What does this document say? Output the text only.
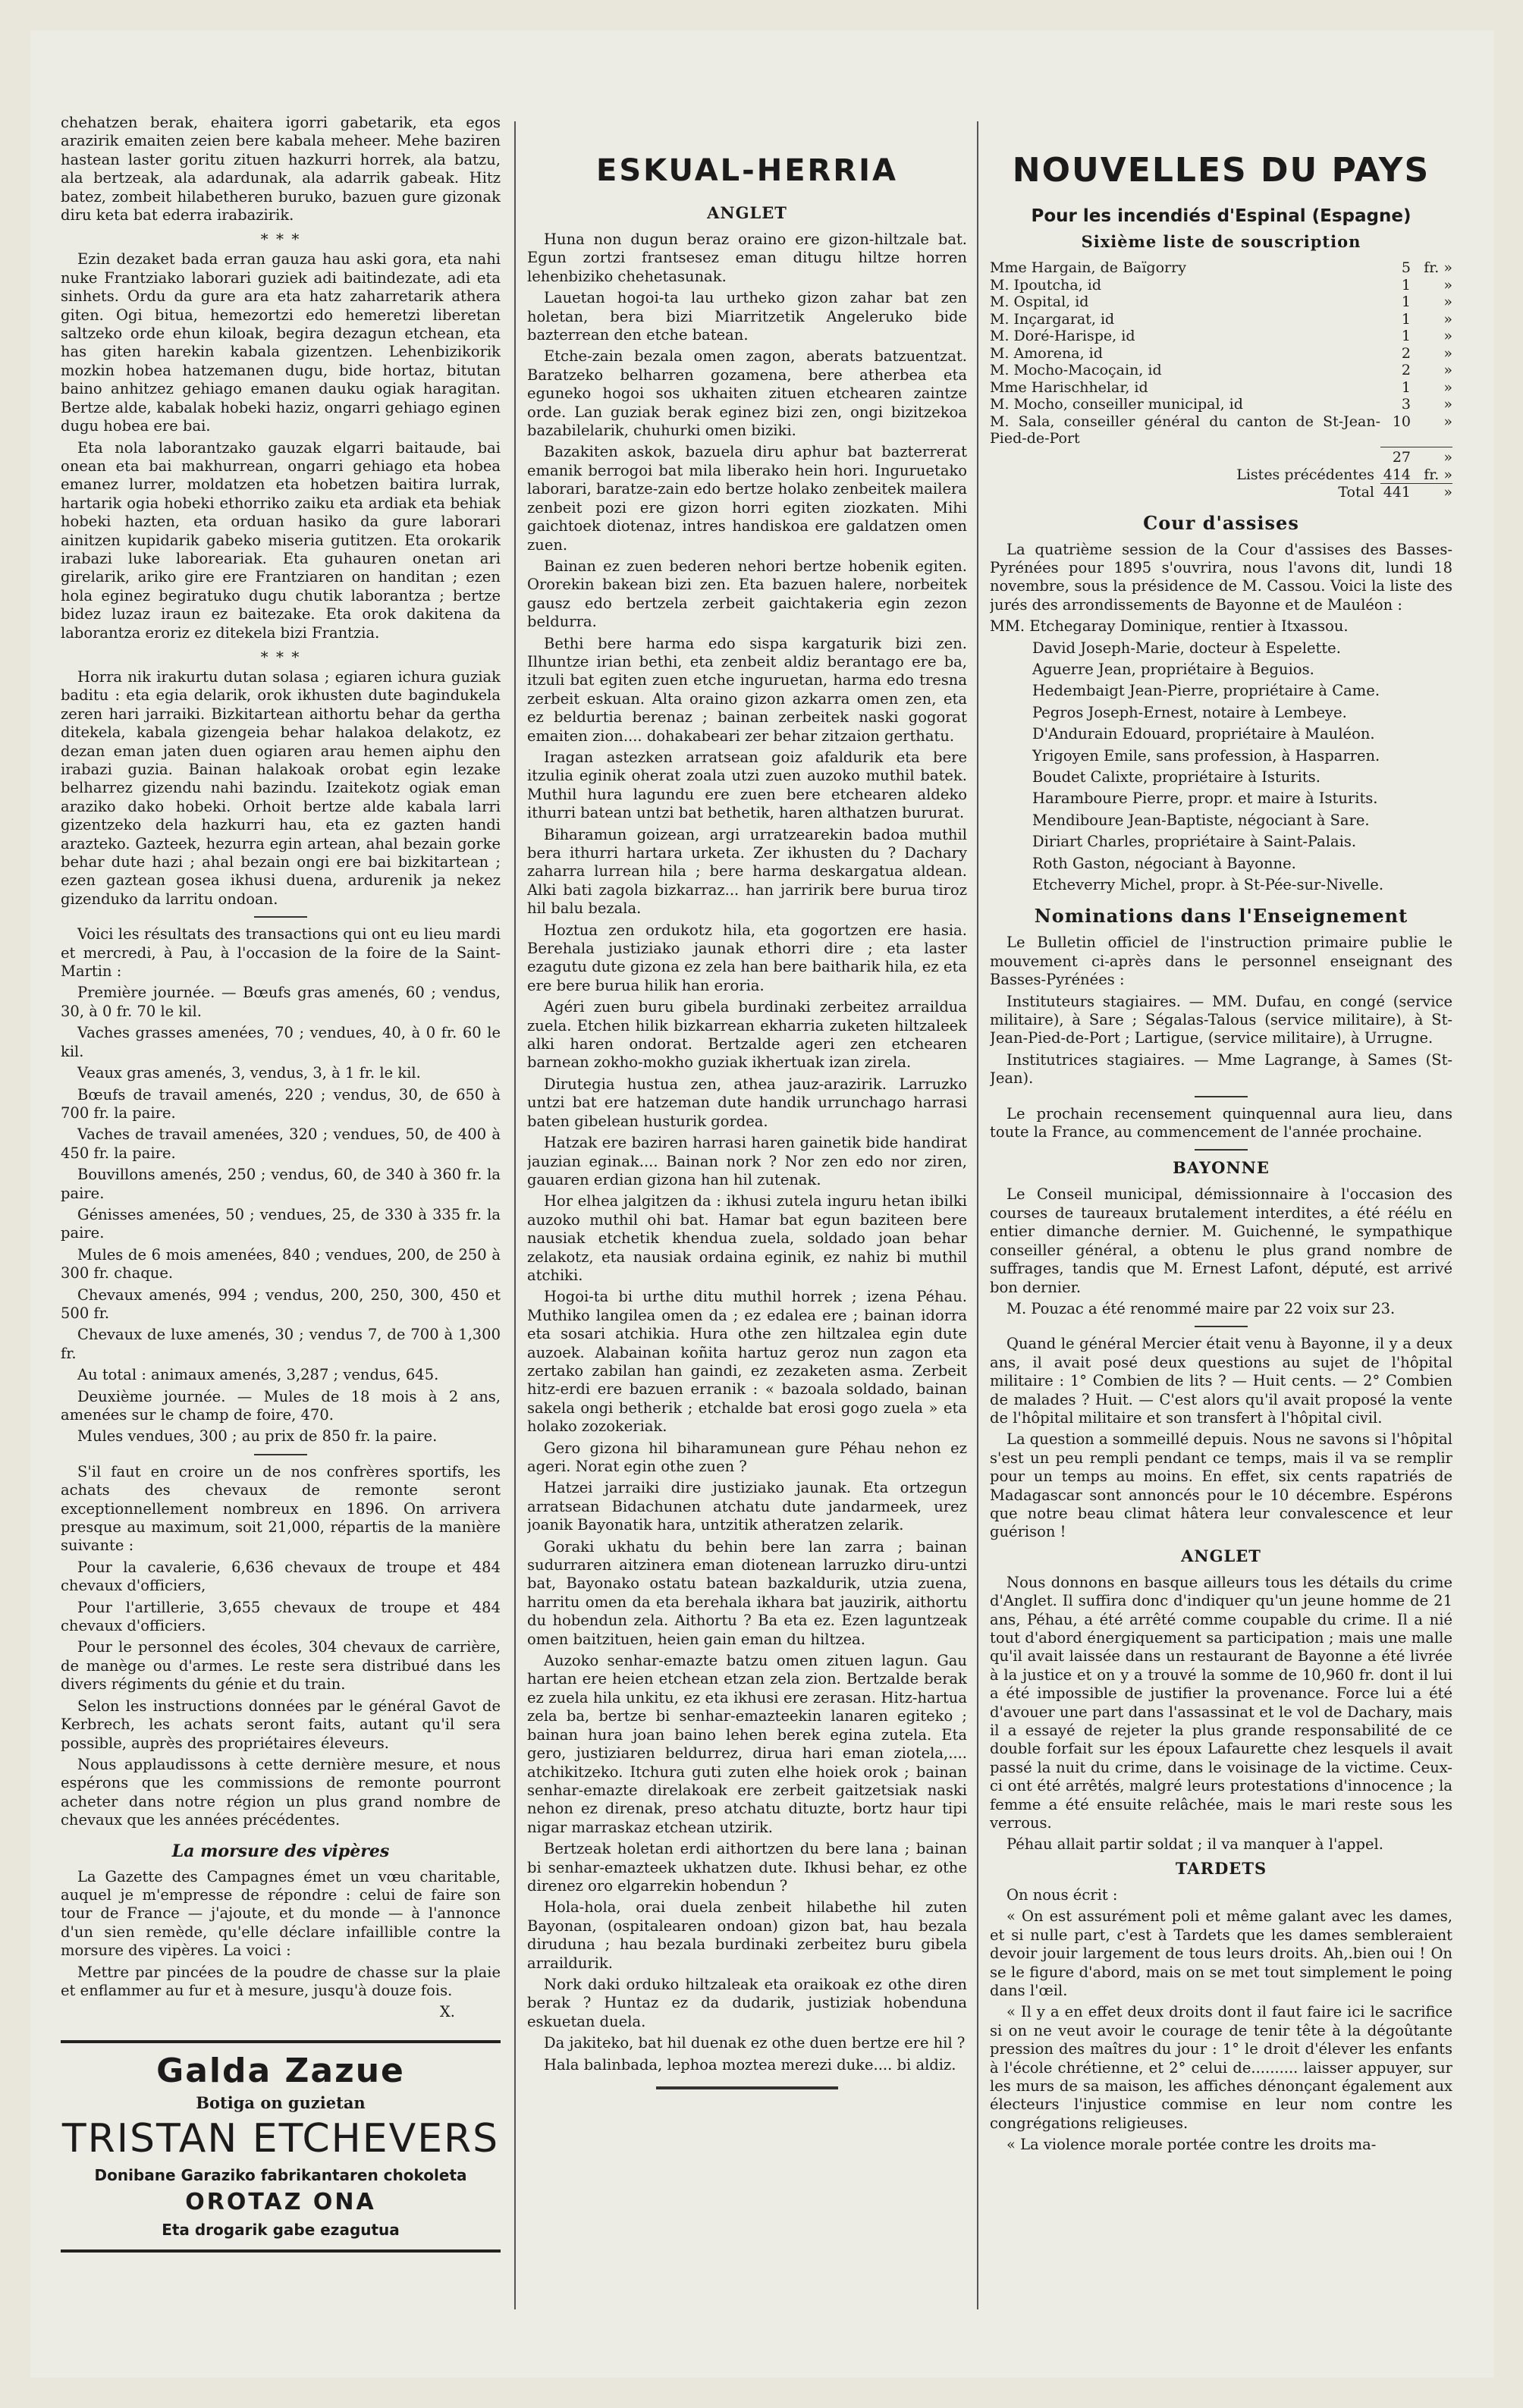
chehatzen berak, ehaitera igorri gabetarik, eta egos arazirik emaiten zeien bere kabala meheer. Mehe baziren hastean laster goritu zituen hazkurri horrek, ala batzu, ala bertzeak, ala adardunak, ala adarrik gabeak. Hitz batez, zombeit hilabetheren buruko, bazuen gure gizonak diru keta bat ederra irabazirik.

* * *

Ezin dezaket bada erran gauza hau aski gora, eta nahi nuke Frantziako laborari guziek adi baitindezate, adi eta sinhets. Ordu da gure ara eta hatz zaharretarik athera giten. Ogi bitua, hemezortzi edo hemeretzi liberetan saltzeko orde ehun kiloak, begira dezagun etchean, eta has giten harekin kabala gizentzen. Lehenbizikorik mozkin hobea hatzemanen dugu, bide hortaz, bitutan baino anhitzez gehiago emanen dauku ogiak haragitan. Bertze alde, kabalak hobeki haziz, ongarri gehiago eginen dugu hobea ere bai.

Eta nola laborantzako gauzak elgarri baitaude, bai onean eta bai makhurrean, ongarri gehiago eta hobea emanez lurrer, moldatzen eta hobetzen baitira lurrak, hartarik ogia hobeki ethorriko zaiku eta ardiak eta behiak hobeki hazten, eta orduan hasiko da gure laborari ainitzen kupidarik gabeko miseria gutitzen. Eta orokarik irabazi luke laboreariak. Eta guhauren onetan ari girelarik, ariko gire ere Frantziaren on handitan ; ezen hola eginez begiratuko dugu chutik laborantza ; bertze bidez luzaz iraun ez baitezake. Eta orok dakitena da laborantza eroriz ez ditekela bizi Frantzia.

* * *

Horra nik irakurtu dutan solasa ; egiaren ichura guziak baditu : eta egia delarik, orok ikhusten dute bagindukela zeren hari jarraiki. Bizkitartean aithortu behar da gertha ditekela, kabala gizengeia behar halakoa delakotz, ez dezan eman jaten duen ogiaren arau hemen aiphu den irabazi guzia. Bainan halakoak orobat egin lezake belharrez gizendu nahi bazindu. Izaitekotz ogiak eman araziko dako hobeki. Orhoit bertze alde kabala larri gizentzeko dela hazkurri hau, eta ez gazten handi arazteko. Gazteek, hezurra egin artean, ahal bezain gorke behar dute hazi ; ahal bezain ongi ere bai bizkitartean ; ezen gaztean gosea ikhusi duena, ardurenik ja nekez gizenduko da larritu ondoan.

Voici les résultats des transactions qui ont eu lieu mardi et mercredi, à Pau, à l'occasion de la foire de la Saint-Martin :

Première journée. — Bœufs gras amenés, 60 ; vendus, 30, à 0 fr. 70 le kil.

Vaches grasses amenées, 70 ; vendues, 40, à 0 fr. 60 le kil.

Veaux gras amenés, 3, vendus, 3, à 1 fr. le kil.

Bœufs de travail amenés, 220 ; vendus, 30, de 650 à 700 fr. la paire.

Vaches de travail amenées, 320 ; vendues, 50, de 400 à 450 fr. la paire.

Bouvillons amenés, 250 ; vendus, 60, de 340 à 360 fr. la paire.

Génisses amenées, 50 ; vendues, 25, de 330 à 335 fr. la paire.

Mules de 6 mois amenées, 840 ; vendues, 200, de 250 à 300 fr. chaque.

Chevaux amenés, 994 ; vendus, 200, 250, 300, 450 et 500 fr.

Chevaux de luxe amenés, 30 ; vendus 7, de 700 à 1,300 fr.

Au total : animaux amenés, 3,287 ; vendus, 645.

Deuxième journée. — Mules de 18 mois à 2 ans, amenées sur le champ de foire, 470.

Mules vendues, 300 ; au prix de 850 fr. la paire.

S'il faut en croire un de nos confrères sportifs, les achats des chevaux de remonte seront exceptionnellement nombreux en 1896. On arrivera presque au maximum, soit 21,000, répartis de la manière suivante :

Pour la cavalerie, 6,636 chevaux de troupe et 484 chevaux d'officiers,

Pour l'artillerie, 3,655 chevaux de troupe et 484 chevaux d'officiers.

Pour le personnel des écoles, 304 chevaux de carrière, de manège ou d'armes. Le reste sera distribué dans les divers régiments du génie et du train.

Selon les instructions données par le général Gavot de Kerbrech, les achats seront faits, autant qu'il sera possible, auprès des propriétaires éleveurs.

Nous applaudissons à cette dernière mesure, et nous espérons que les commissions de remonte pourront acheter dans notre région un plus grand nombre de chevaux que les années précédentes.

La morsure des vipères

La Gazette des Campagnes émet un vœu charitable, auquel je m'empresse de répondre : celui de faire son tour de France — j'ajoute, et du monde — à l'annonce d'un sien remède, qu'elle déclare infaillible contre la morsure des vipères. La voici :

Mettre par pincées de la poudre de chasse sur la plaie et enflammer au fur et à mesure, jusqu'à douze fois.

X.
Galda Zazue
Botiga on guzietan
TRISTAN ETCHEVERS
Donibane Garaziko fabrikantaren chokoleta
OROTAZ ONA
Eta drogarik gabe ezagutua
ESKUAL-HERRIA
ANGLET

Huna non dugun beraz oraino ere gizon-hiltzale bat. Egun zortzi frantsesez eman ditugu hiltze horren lehenbiziko chehetasunak.

Lauetan hogoi-ta lau urtheko gizon zahar bat zen holetan, bera bizi Miarritzetik Angeleruko bide bazterrean den etche batean.

Etche-zain bezala omen zagon, aberats batzuentzat. Baratzeko belharren gozamena, bere atherbea eta eguneko hogoi sos ukhaiten zituen etchearen zaintze orde. Lan guziak berak eginez bizi zen, ongi bizitzekoa bazabilelarik, chuhurki omen biziki.

Bazakiten askok, bazuela diru aphur bat bazterrerat emanik berrogoi bat mila liberako hein hori. Inguruetako laborari, baratze-zain edo bertze holako zenbeitek mailera zenbeit pozi ere gizon horri egiten ziozkaten. Mihi gaichtoek diotenaz, intres handiskoa ere galdatzen omen zuen.

Bainan ez zuen bederen nehori bertze hobenik egiten. Ororekin bakean bizi zen. Eta bazuen halere, norbeitek gausz edo bertzela zerbeit gaichtakeria egin zezon beldurra.

Bethi bere harma edo sispa kargaturik bizi zen. Ilhuntze irian bethi, eta zenbeit aldiz berantago ere ba, itzuli bat egiten zuen etche inguruetan, harma edo tresna zerbeit eskuan. Alta oraino gizon azkarra omen zen, eta ez beldurtia berenaz ; bainan zerbeitek naski gogorat emaiten zion.... dohakabeari zer behar zitzaion gerthatu.

Iragan astezken arratsean goiz afaldurik eta bere itzulia eginik oherat zoala utzi zuen auzoko muthil batek. Muthil hura lagundu ere zuen bere etchearen aldeko ithurri batean untzi bat bethetik, haren althatzen bururat.

Biharamun goizean, argi urratzearekin badoa muthil bera ithurri hartara urketa. Zer ikhusten du ? Dachary zaharra lurrean hila ; bere harma deskargatua aldean. Alki bati zagola bizkarraz... han jarririk bere burua tiroz hil balu bezala.

Hoztua zen ordukotz hila, eta gogortzen ere hasia. Berehala justiziako jaunak ethorri dire ; eta laster ezagutu dute gizona ez zela han bere baitharik hila, ez eta ere bere burua hilik han eroria.

Agéri zuen buru gibela burdinaki zerbeitez arraildua zuela. Etchen hilik bizkarrean ekharria zuketen hiltzaleek alki haren ondorat. Bertzalde ageri zen etchearen barnean zokho-mokho guziak ikhertuak izan zirela.

Dirutegia hustua zen, athea jauz-arazirik. Larruzko untzi bat ere hatzeman dute handik urrunchago harrasi baten gibelean husturik gordea.

Hatzak ere baziren harrasi haren gainetik bide handirat jauzian eginak.... Bainan nork ? Nor zen edo nor ziren, gauaren erdian gizona han hil zutenak.

Hor elhea jalgitzen da : ikhusi zutela inguru hetan ibilki auzoko muthil ohi bat. Hamar bat egun baziteen bere nausiak etchetik khendua zuela, soldado joan behar zelakotz, eta nausiak ordaina eginik, ez nahiz bi muthil atchiki.

Hogoi-ta bi urthe ditu muthil horrek ; izena Péhau. Muthiko langilea omen da ; ez edalea ere ; bainan idorra eta sosari atchikia. Hura othe zen hiltzalea egin dute auzoek. Alabainan koñita hartuz geroz nun zagon eta zertako zabilan han gaindi, ez zezaketen asma. Zerbeit hitz-erdi ere bazuen erranik : « bazoala soldado, bainan sakela ongi betherik ; etchalde bat erosi gogo zuela » eta holako zozokeriak.

Gero gizona hil biharamunean gure Péhau nehon ez ageri. Norat egin othe zuen ?

Hatzei jarraiki dire justiziako jaunak. Eta ortzegun arratsean Bidachunen atchatu dute jandarmeek, urez joanik Bayonatik hara, untzitik atheratzen zelarik.

Goraki ukhatu du behin bere lan zarra ; bainan sudurraren aitzinera eman diotenean larruzko diru-untzi bat, Bayonako ostatu batean bazkaldurik, utzia zuena, harritu omen da eta berehala ikhara bat jauzirik, aithortu du hobendun zela. Aithortu ? Ba eta ez. Ezen laguntzeak omen baitzituen, heien gain eman du hiltzea.

Auzoko senhar-emazte batzu omen zituen lagun. Gau hartan ere heien etchean etzan zela zion. Bertzalde berak ez zuela hila unkitu, ez eta ikhusi ere zerasan. Hitz-hartua zela ba, bertze bi senhar-emazteekin lanaren egiteko ; bainan hura joan baino lehen berek egina zutela. Eta gero, justiziaren beldurrez, dirua hari eman ziotela,.... atchikitzeko. Itchura guti zuten elhe hoiek orok ; bainan senhar-emazte direlakoak ere zerbeit gaitzetsiak naski nehon ez direnak, preso atchatu dituzte, bortz haur tipi nigar marraskaz etchean utzirik.

Bertzeak holetan erdi aithortzen du bere lana ; bainan bi senhar-emazteek ukhatzen dute. Ikhusi behar, ez othe direnez oro elgarrekin hobendun ?

Hola-hola, orai duela zenbeit hilabethe hil zuten Bayonan, (ospitalearen ondoan) gizon bat, hau bezala diruduna ; hau bezala burdinaki zerbeitez buru gibela arraildurik.

Nork daki orduko hiltzaleak eta oraikoak ez othe diren berak ? Huntaz ez da dudarik, justiziak hobenduna eskuetan duela.

Da jakiteko, bat hil duenak ez othe duen bertze ere hil ?

Hala balinbada, lephoa moztea merezi duke.... bi aldiz.

NOUVELLES DU PAYS
Pour les incendiés d'Espinal (Espagne)
Sixième liste de souscription
Mme Hargain, de Baïgorry	5	fr. »
M. Ipoutcha, id	1	»
M. Ospital, id	1	»
M. Inçargarat, id	1	»
M. Doré-Harispe, id	1	»
M. Amorena, id	2	»
M. Mocho-Macoçain, id	2	»
Mme Harischhelar, id	1	»
M. Mocho, conseiller municipal, id	3	»
M. Sala, conseiller général du canton de St-Jean-Pied-de-Port	10	»
	27	»
Listes précédentes	414	fr. »
Total	441	»
Cour d'assises

La quatrième session de la Cour d'assises des Basses-Pyrénées pour 1895 s'ouvrira, nous l'avons dit, lundi 18 novembre, sous la présidence de M. Cassou. Voici la liste des jurés des arrondissements de Bayonne et de Mauléon :

MM. Etchegaray Dominique, rentier à Itxassou.

David Joseph-Marie, docteur à Espelette.

Aguerre Jean, propriétaire à Beguios.

Hedembaigt Jean-Pierre, propriétaire à Came.

Pegros Joseph-Ernest, notaire à Lembeye.

D'Andurain Edouard, propriétaire à Mauléon.

Yrigoyen Emile, sans profession, à Hasparren.

Boudet Calixte, propriétaire à Isturits.

Haramboure Pierre, propr. et maire à Isturits.

Mendiboure Jean-Baptiste, négociant à Sare.

Diriart Charles, propriétaire à Saint-Palais.

Roth Gaston, négociant à Bayonne.

Etcheverry Michel, propr. à St-Pée-sur-Nivelle.

Nominations dans l'Enseignement

Le Bulletin officiel de l'instruction primaire publie le mouvement ci-après dans le personnel enseignant des Basses-Pyrénées :

Instituteurs stagiaires. — MM. Dufau, en congé (service militaire), à Sare ; Ségalas-Talous (service militaire), à St-Jean-Pied-de-Port ; Lartigue, (service militaire), à Urrugne.

Institutrices stagiaires. — Mme Lagrange, à Sames (St-Jean).

Le prochain recensement quinquennal aura lieu, dans toute la France, au commencement de l'année prochaine.

BAYONNE

Le Conseil municipal, démissionnaire à l'occasion des courses de taureaux brutalement interdites, a été réélu en entier dimanche dernier. M. Guichenné, le sympathique conseiller général, a obtenu le plus grand nombre de suffrages, tandis que M. Ernest Lafont, député, est arrivé bon dernier.

M. Pouzac a été renommé maire par 22 voix sur 23.

Quand le général Mercier était venu à Bayonne, il y a deux ans, il avait posé deux questions au sujet de l'hôpital militaire : 1° Combien de lits ? — Huit cents. — 2° Combien de malades ? Huit. — C'est alors qu'il avait proposé la vente de l'hôpital militaire et son transfert à l'hôpital civil.

La question a sommeillé depuis. Nous ne savons si l'hôpital s'est un peu rempli pendant ce temps, mais il va se remplir pour un temps au moins. En effet, six cents rapatriés de Madagascar sont annoncés pour le 10 décembre. Espérons que notre beau climat hâtera leur convalescence et leur guérison !

ANGLET

Nous donnons en basque ailleurs tous les détails du crime d'Anglet. Il suffira donc d'indiquer qu'un jeune homme de 21 ans, Péhau, a été arrêté comme coupable du crime. Il a nié tout d'abord énergiquement sa participation ; mais une malle qu'il avait laissée dans un restaurant de Bayonne a été livrée à la justice et on y a trouvé la somme de 10,960 fr. dont il lui a été impossible de justifier la provenance. Force lui a été d'avouer une part dans l'assassinat et le vol de Dachary, mais il a essayé de rejeter la plus grande responsabilité de ce double forfait sur les époux Lafaurette chez lesquels il avait passé la nuit du crime, dans le voisinage de la victime. Ceux-ci ont été arrêtés, malgré leurs protestations d'innocence ; la femme a été ensuite relâchée, mais le mari reste sous les verrous.

Péhau allait partir soldat ; il va manquer à l'appel.

TARDETS

On nous écrit :

« On est assurément poli et même galant avec les dames, et si nulle part, c'est à Tardets que les dames sembleraient devoir jouir largement de tous leurs droits. Ah,.bien oui ! On se le figure d'abord, mais on se met tout simplement le poing dans l'œil.

« Il y a en effet deux droits dont il faut faire ici le sacrifice si on ne veut avoir le courage de tenir tête à la dégoûtante pression des maîtres du jour : 1° le droit d'élever les enfants à l'école chrétienne, et 2° celui de.......... laisser appuyer, sur les murs de sa maison, les affiches dénonçant également aux électeurs l'injustice commise en leur nom contre les congrégations religieuses.

« La violence morale portée contre les droits ma-
